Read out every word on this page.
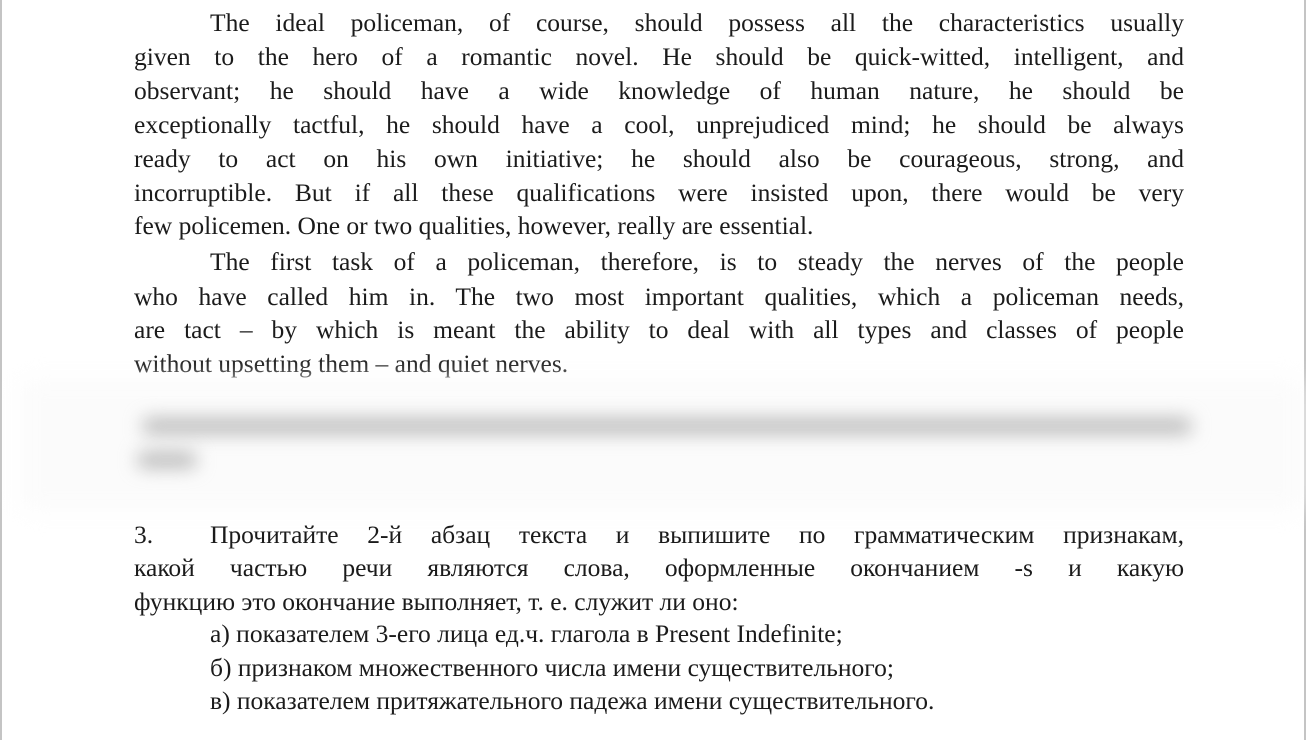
The ideal policeman, of course, should possess all the characteristics usually
given to the hero of a romantic novel. He should be quick-witted, intelligent, and
observant; he should have a wide knowledge of human nature, he should be
exceptionally tactful, he should have a cool, unprejudiced mind; he should be always
ready to act on his own initiative; he should also be courageous, strong, and
incorruptible. But if all these qualifications were insisted upon, there would be very
few policemen. One or two qualities, however, really are essential.
The first task of a policeman, therefore, is to steady the nerves of the people
who have called him in. The two most important qualities, which a policeman needs,
are tact – by which is meant the ability to deal with all types and classes of people
without upsetting them – and quiet nerves.
3. Прочитайте 2-й абзац текста и выпишите по грамматическим признакам,
какой частью речи являются слова, оформленные окончанием -s и какую
функцию это окончание выполняет, т. е. служит ли оно:
а) показателем 3-его лица ед.ч. глагола в Present Indefinite;
б) признаком множественного числа имени существительного;
в) показателем притяжательного падежа имени существительного.
